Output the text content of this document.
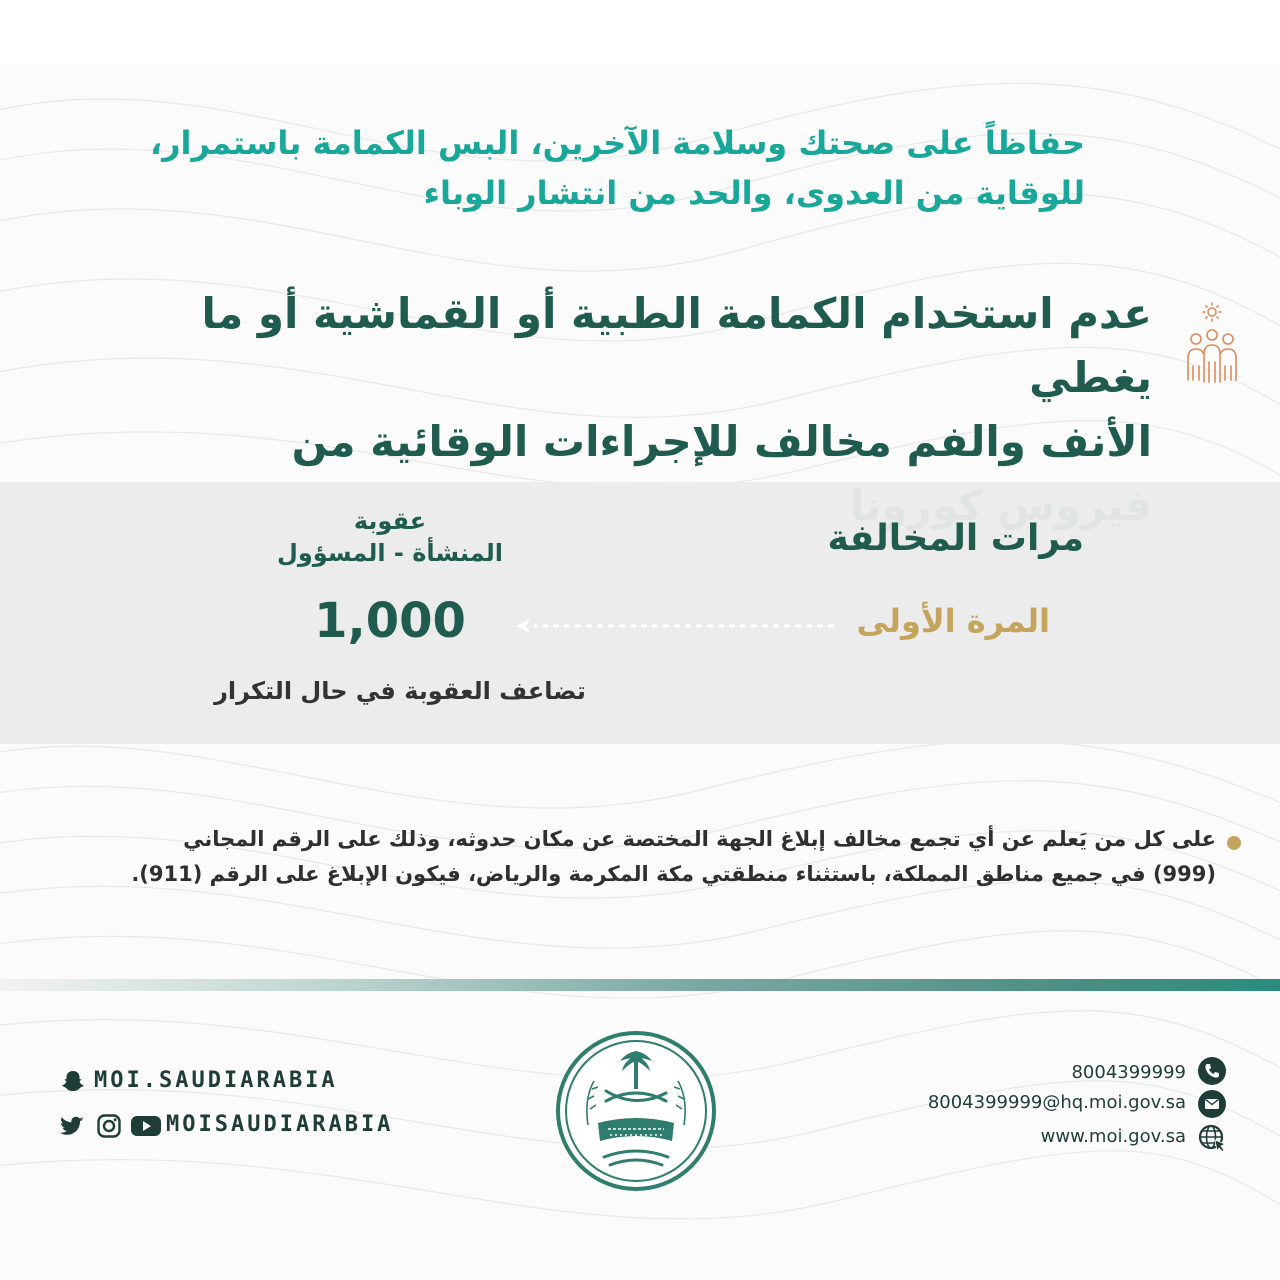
حفاظاً على صحتك وسلامة الآخرين، البس الكمامة باستمرار،
للوقاية من العدوى، والحد من انتشار الوباء
عدم استخدام الكمامة الطبية أو القماشية أو ما يغطي
الأنف والفم مخالف للإجراءات الوقائية من
مرات المخالفة
عقوبة
المنشأة - المسؤول
المرة الأولى
1,000
تضاعف العقوبة في حال التكرار
على كل من يَعلم عن أي تجمع مخالف إبلاغ الجهة المختصة عن مكان حدوثه، وذلك على الرقم المجاني
(999) في جميع مناطق المملكة، باستثناء منطقتي مكة المكرمة والرياض، فيكون الإبلاغ على الرقم (911).
MOI.SAUDIARABIA
MOISAUDIARABIA
8004399999
8004399999@hq.moi.gov.sa
www.moi.gov.sa
